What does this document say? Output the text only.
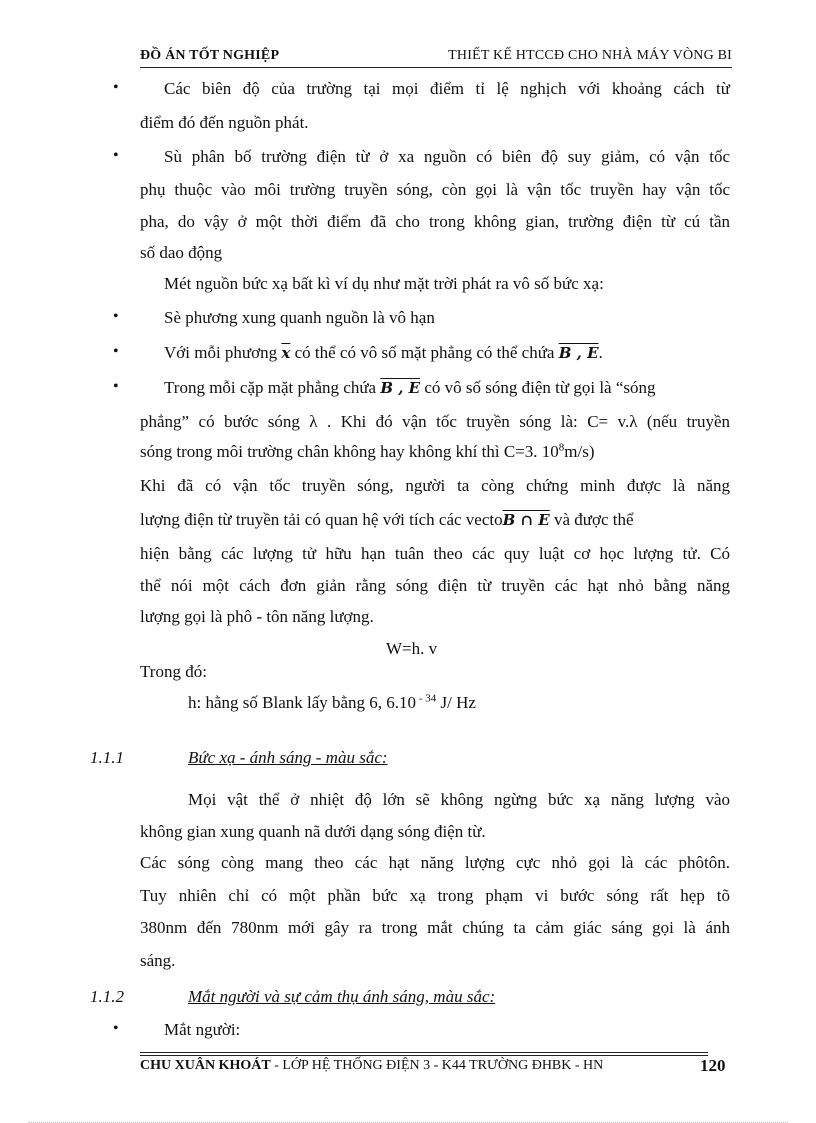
ĐỒ ÁN TỐT NGHIỆP	THIẾT KẾ HTCCĐ CHO NHÀ MÁY VÒNG BI
•	Các biên độ của trường tại mọi điểm tỉ lệ nghịch với khoảng cách từ
điểm đó đến nguồn phát.
•	Sù phân bố trường điện từ ở xa nguồn có biên độ suy giảm, có vận tốc
phụ thuộc vào môi trường truyền sóng, còn gọi là vận tốc truyền hay vận tốc
pha, do vậy ở một thời điểm đã cho trong không gian, trường điện từ cú tần
số dao động
Mét nguồn bức xạ bất kì ví dụ như mặt trời phát ra vô số bức xạ:
•	Sè phương xung quanh nguồn là vô hạn
•	Với mỗi phương $\overline{x}$ có thể có vô số mặt phẳng có thể chứa B , E.
•	Trong mỗi cặp mặt phẳng chứa B , E có vô số sóng điện từ gọi là “sóng
phẳng” có bước sóng λ . Khi đó vận tốc truyền sóng là: C= v.λ (nếu truyền
sóng trong môi trường chân không hay không khí thì C=3. $10^8m/s$)
Khi đã có vận tốc truyền sóng, người ta còng chứng minh được là năng
lượng điện từ truyền tải có quan hệ với tích các vectoB ∩ E và được thể
hiện bằng các lượng tử hữu hạn tuân theo các quy luật cơ học lượng tử. Có
thể nói một cách đơn giản rằng sóng điện từ truyền các hạt nhỏ bằng năng
lượng gọi là phô - tôn năng lượng.
W=h. v
Trong đó:
h: hằng số Blank lấy bằng 6, 6.10 $^{- 34}$ J/ Hz
1.1.1	Bức xạ - ánh sáng - màu sắc:
Mọi vật thể ở nhiệt độ lớn sẽ không ngừng bức xạ năng lượng vào
không gian xung quanh nã dưới dạng sóng điện từ.
Các sóng còng mang theo các hạt năng lượng cực nhỏ gọi là các phôtôn.
Tuy nhiên chỉ có một phần bức xạ trong phạm vi bước sóng rất hẹp tõ
380nm đến 780nm mới gây ra trong mắt chúng ta cảm giác sáng gọi là ánh
sáng.
1.1.2	Mắt người và sự cảm thụ ánh sáng, màu sắc:
•	Mắt người:
CHU XUÂN KHOÁT - LỚP HỆ THỐNG ĐIỆN 3 - K44 TRƯỜNG ĐHBK - HN	120
